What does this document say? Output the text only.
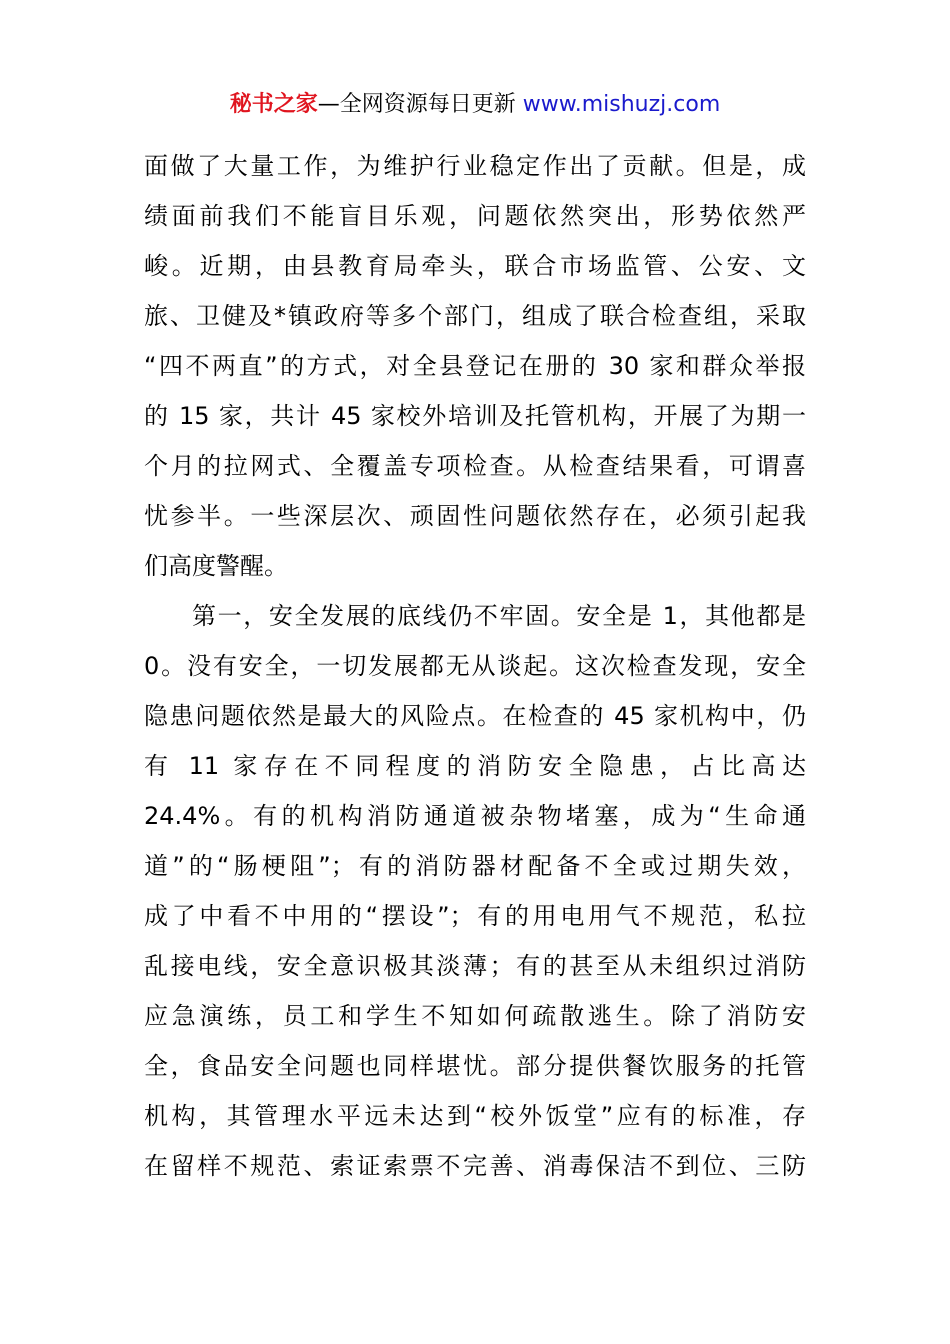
秘书之家—全网资源每日更新 www.mishuzj.com
面做了大量工作，为维护行业稳定作出了贡献。但是，成
绩面前我们不能盲目乐观，问题依然突出，形势依然严
峻。近期，由县教育局牵头，联合市场监管、公安、文
旅、卫健及*镇政府等多个部门，组成了联合检查组，采取
“四不两直”的方式，对全县登记在册的 30 家和群众举报
的 15 家，共计 45 家校外培训及托管机构，开展了为期一
个月的拉网式、全覆盖专项检查。从检查结果看，可谓喜
忧参半。一些深层次、顽固性问题依然存在，必须引起我
们高度警醒。
第一，安全发展的底线仍不牢固。安全是 1，其他都是
0。没有安全，一切发展都无从谈起。这次检查发现，安全
隐患问题依然是最大的风险点。在检查的 45 家机构中，仍
有 11 家存在不同程度的消防安全隐患，占比高达
24.4%。有的机构消防通道被杂物堵塞，成为“生命通
道”的“肠梗阻”；有的消防器材配备不全或过期失效，
成了中看不中用的“摆设”；有的用电用气不规范，私拉
乱接电线，安全意识极其淡薄；有的甚至从未组织过消防
应急演练，员工和学生不知如何疏散逃生。除了消防安
全，食品安全问题也同样堪忧。部分提供餐饮服务的托管
机构，其管理水平远未达到“校外饭堂”应有的标准，存
在留样不规范、索证索票不完善、消毒保洁不到位、三防
